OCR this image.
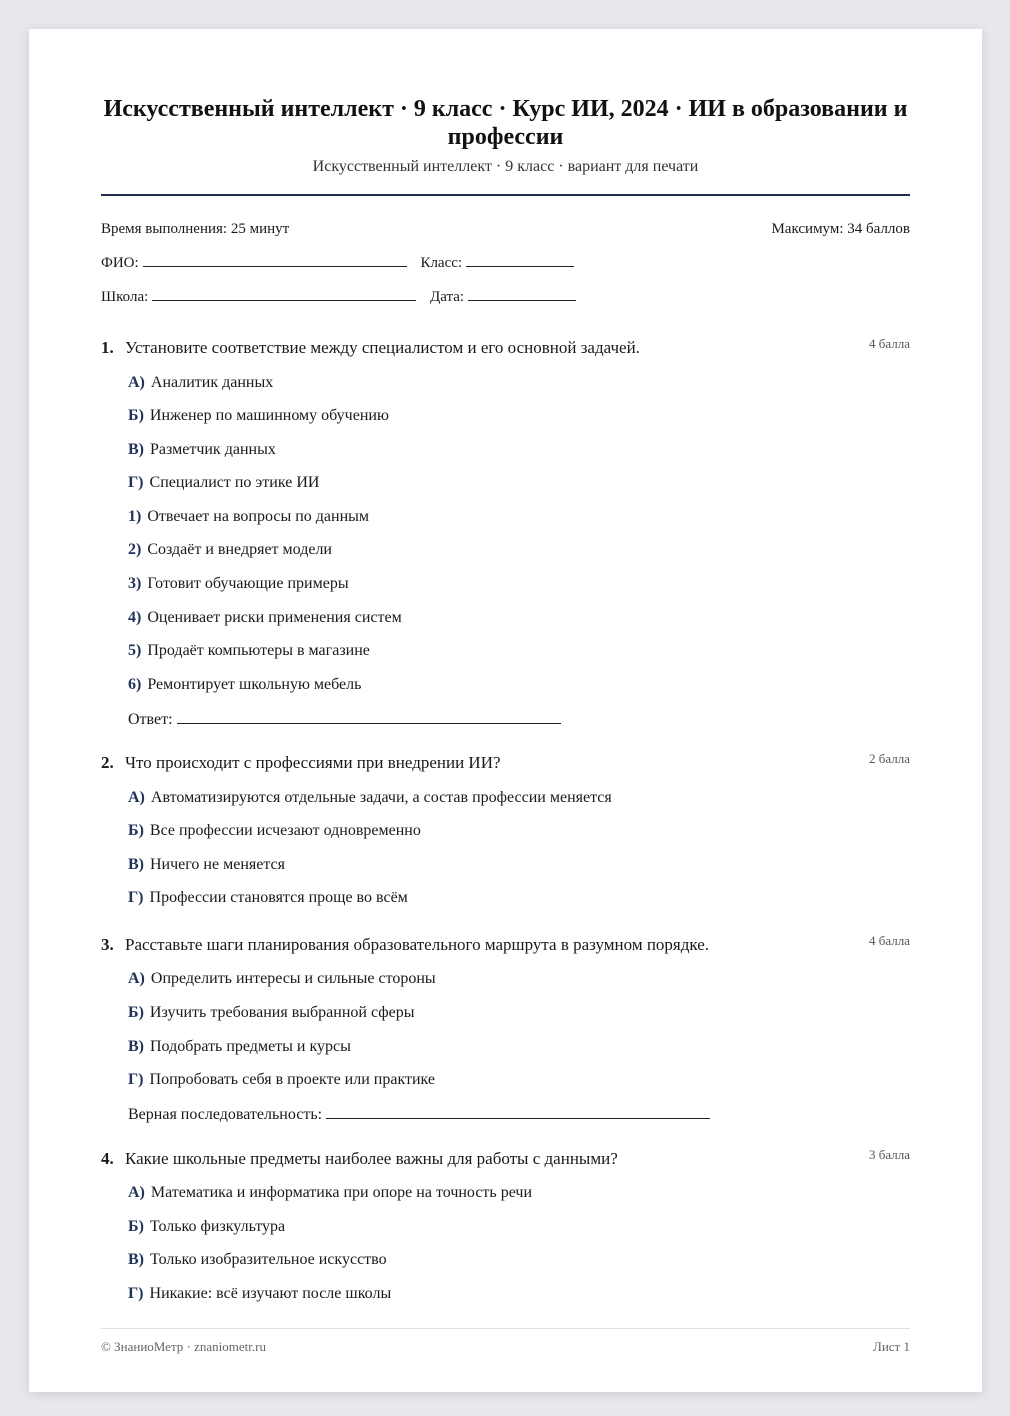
Искусственный интеллект · 9 класс · Курс ИИ, 2024 · ИИ в образовании и профессии
Искусственный интеллект · 9 класс · вариант для печати
Время выполнения: 25 минут	Максимум: 34 баллов
ФИО:	Класс:
Школа:	Дата:
1. Установите соответствие между специалистом и его основной задачей.	4 балла
А) Аналитик данных
Б) Инженер по машинному обучению
В) Разметчик данных
Г) Специалист по этике ИИ
1) Отвечает на вопросы по данным
2) Создаёт и внедряет модели
3) Готовит обучающие примеры
4) Оценивает риски применения систем
5) Продаёт компьютеры в магазине
6) Ремонтирует школьную мебель
Ответ:
2. Что происходит с профессиями при внедрении ИИ?	2 балла
А) Автоматизируются отдельные задачи, а состав профессии меняется
Б) Все профессии исчезают одновременно
В) Ничего не меняется
Г) Профессии становятся проще во всём
3. Расставьте шаги планирования образовательного маршрута в разумном порядке.	4 балла
А) Определить интересы и сильные стороны
Б) Изучить требования выбранной сферы
В) Подобрать предметы и курсы
Г) Попробовать себя в проекте или практике
Верная последовательность:
4. Какие школьные предметы наиболее важны для работы с данными?	3 балла
А) Математика и информатика при опоре на точность речи
Б) Только физкультура
В) Только изобразительное искусство
Г) Никакие: всё изучают после школы
© ЗнаниоМетр · znaniometr.ru	Лист 1
